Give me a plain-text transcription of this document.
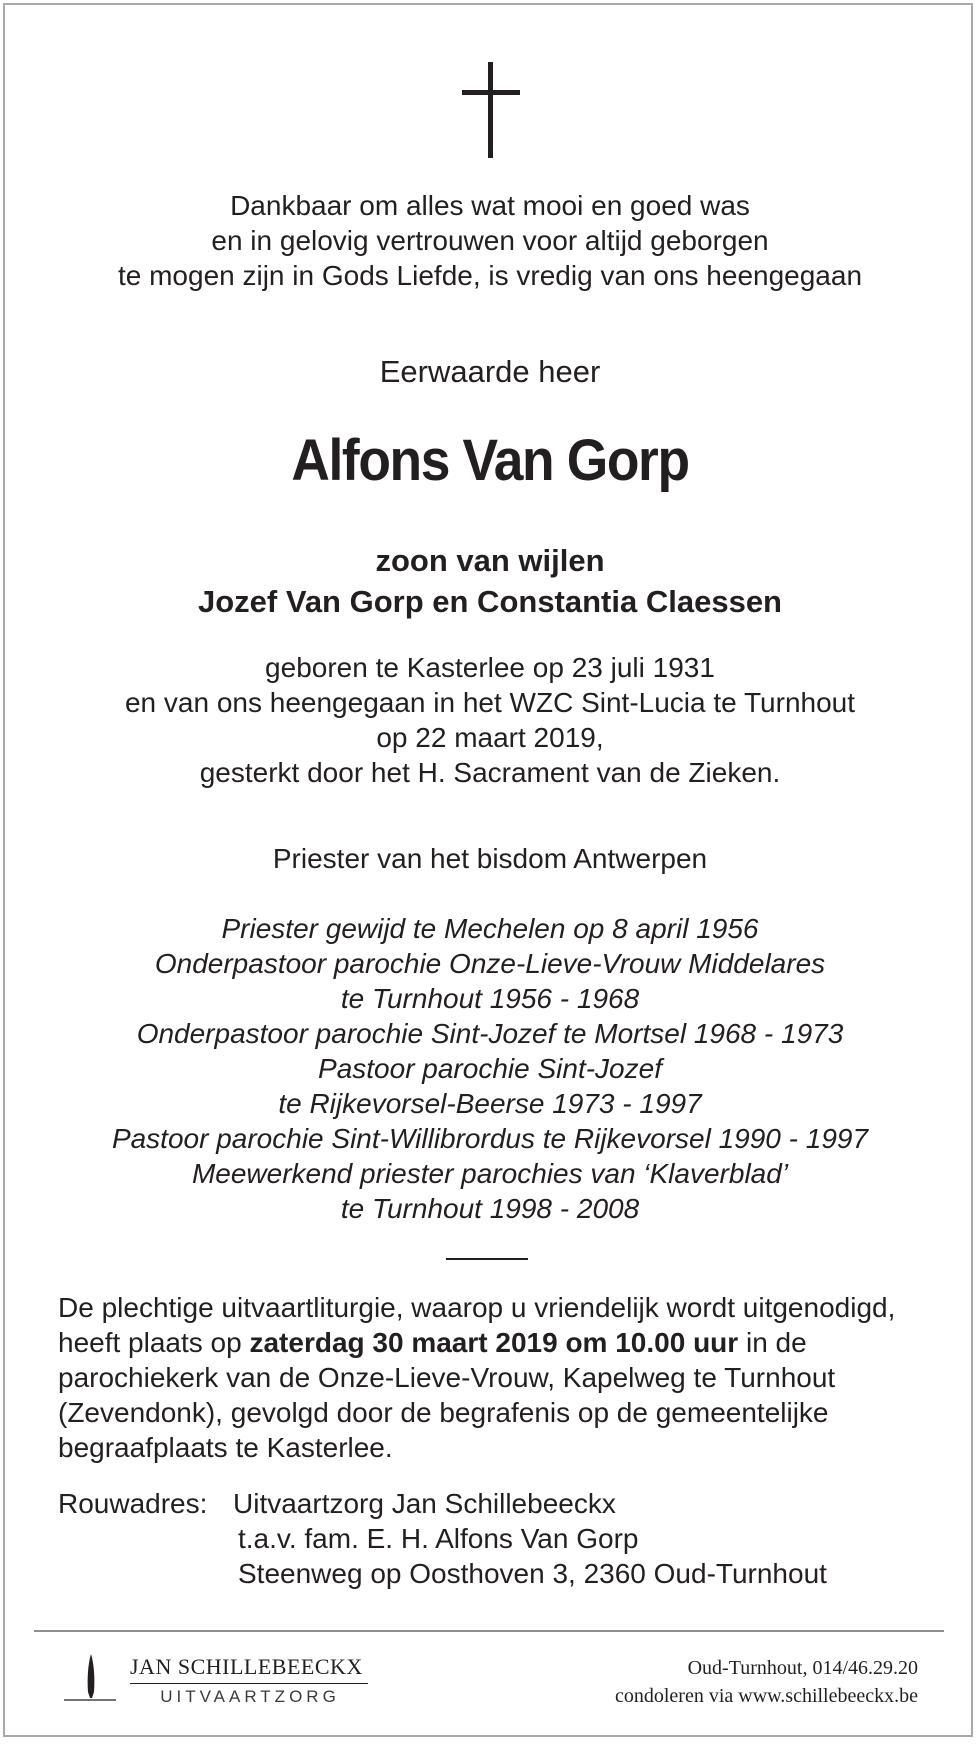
Dankbaar om alles wat mooi en goed was
en in gelovig vertrouwen voor altijd geborgen
te mogen zijn in Gods Liefde, is vredig van ons heengegaan
Eerwaarde heer
Alfons Van Gorp
zoon van wijlen
Jozef Van Gorp en Constantia Claessen
geboren te Kasterlee op 23 juli 1931
en van ons heengegaan in het WZC Sint-Lucia te Turnhout
op 22 maart 2019,
gesterkt door het H. Sacrament van de Zieken.
Priester van het bisdom Antwerpen
Priester gewijd te Mechelen op 8 april 1956
Onderpastoor parochie Onze-Lieve-Vrouw Middelares
te Turnhout 1956 - 1968
Onderpastoor parochie Sint-Jozef te Mortsel 1968 - 1973
Pastoor parochie Sint-Jozef
te Rijkevorsel-Beerse 1973 - 1997
Pastoor parochie Sint-Willibrordus te Rijkevorsel 1990 - 1997
Meewerkend priester parochies van ‘Klaverblad’
te Turnhout 1998 - 2008
De plechtige uitvaartliturgie, waarop u vriendelijk wordt uitgenodigd, heeft plaats op zaterdag 30 maart 2019 om 10.00 uur in de parochiekerk van de Onze-Lieve-Vrouw, Kapelweg te Turnhout (Zevendonk), gevolgd door de begrafenis op de gemeentelijke begraafplaats te Kasterlee.
Rouwadres: Uitvaartzorg Jan Schillebeeckx
t.a.v. fam. E. H. Alfons Van Gorp
Steenweg op Oosthoven 3, 2360 Oud-Turnhout
JAN SCHILLEBEECKX
UITVAARTZORG
Oud-Turnhout, 014/46.29.20
condoleren via www.schillebeeckx.be
